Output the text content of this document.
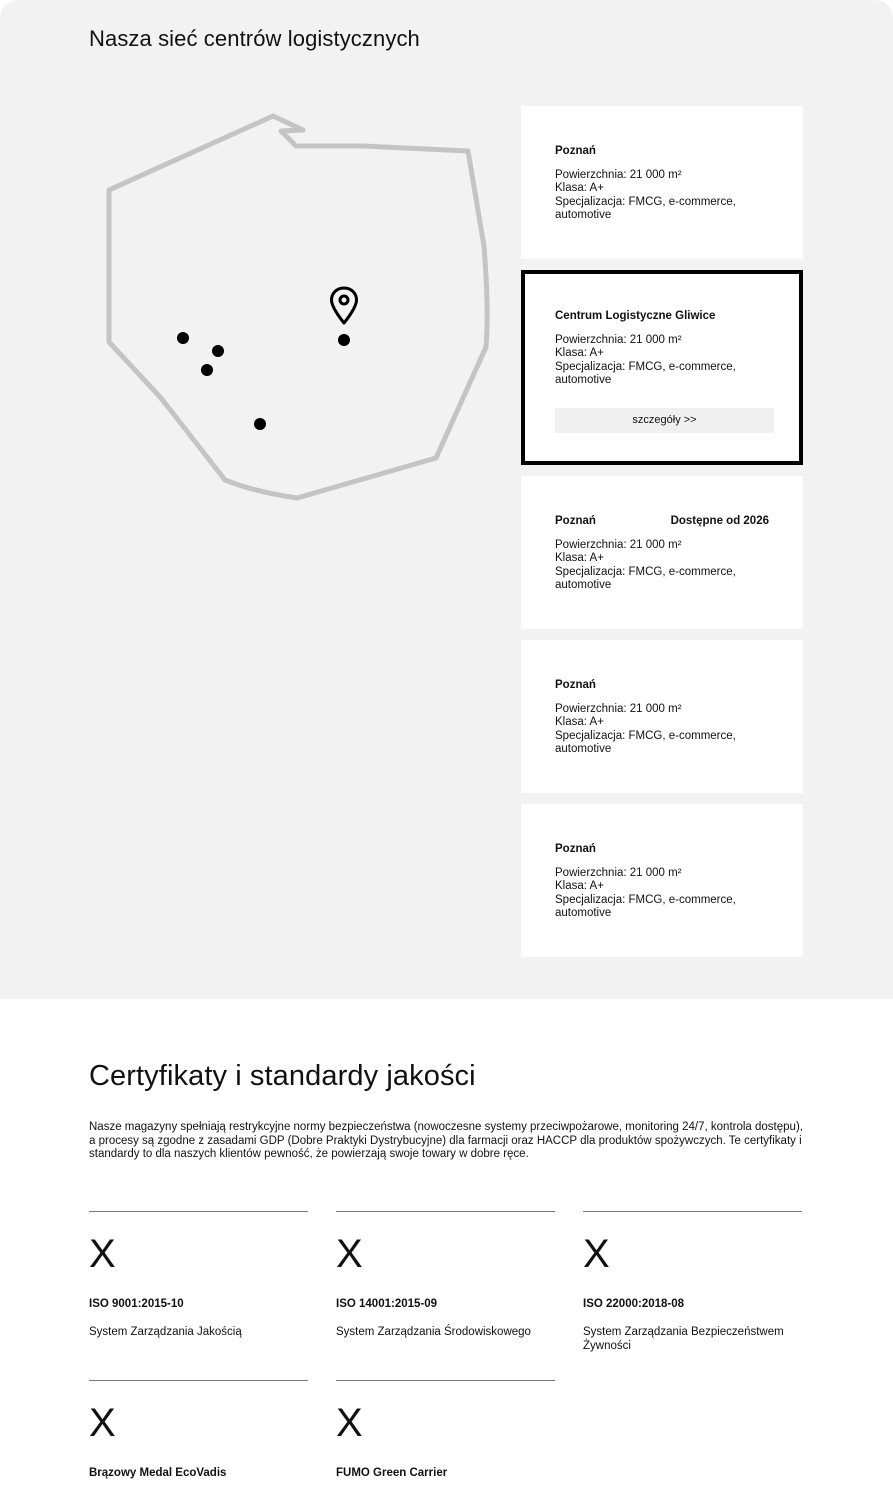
Nasza sieć centrów logistycznych
Poznań
Powierzchnia: 21 000 m²
Klasa: A+
Specjalizacja: FMCG, e-commerce, automotive
Centrum Logistyczne Gliwice
Powierzchnia: 21 000 m²
Klasa: A+
Specjalizacja: FMCG, e-commerce, automotive
szczegóły >>
Poznań	Dostępne od 2026
Powierzchnia: 21 000 m²
Klasa: A+
Specjalizacja: FMCG, e-commerce, automotive
Poznań
Powierzchnia: 21 000 m²
Klasa: A+
Specjalizacja: FMCG, e-commerce, automotive
Poznań
Powierzchnia: 21 000 m²
Klasa: A+
Specjalizacja: FMCG, e-commerce, automotive
Certyfikaty i standardy jakości

Nasze magazyny spełniają restrykcyjne normy bezpieczeństwa (nowoczesne systemy przeciwpożarowe, monitoring 24/7, kontrola dostępu), a procesy są zgodne z zasadami GDP (Dobre Praktyki Dystrybucyjne) dla farmacji oraz HACCP dla produktów spożywczych. Te certyfikaty i standardy to dla naszych klientów pewność, że powierzają swoje towary w dobre ręce.

X
ISO 9001:2015-10
System Zarządzania Jakością
X
ISO 14001:2015-09
System Zarządzania Środowiskowego
X
ISO 22000:2018-08
System Zarządzania Bezpieczeństwem Żywności
X
Brązowy Medal EcoVadis
X
FUMO Green Carrier
